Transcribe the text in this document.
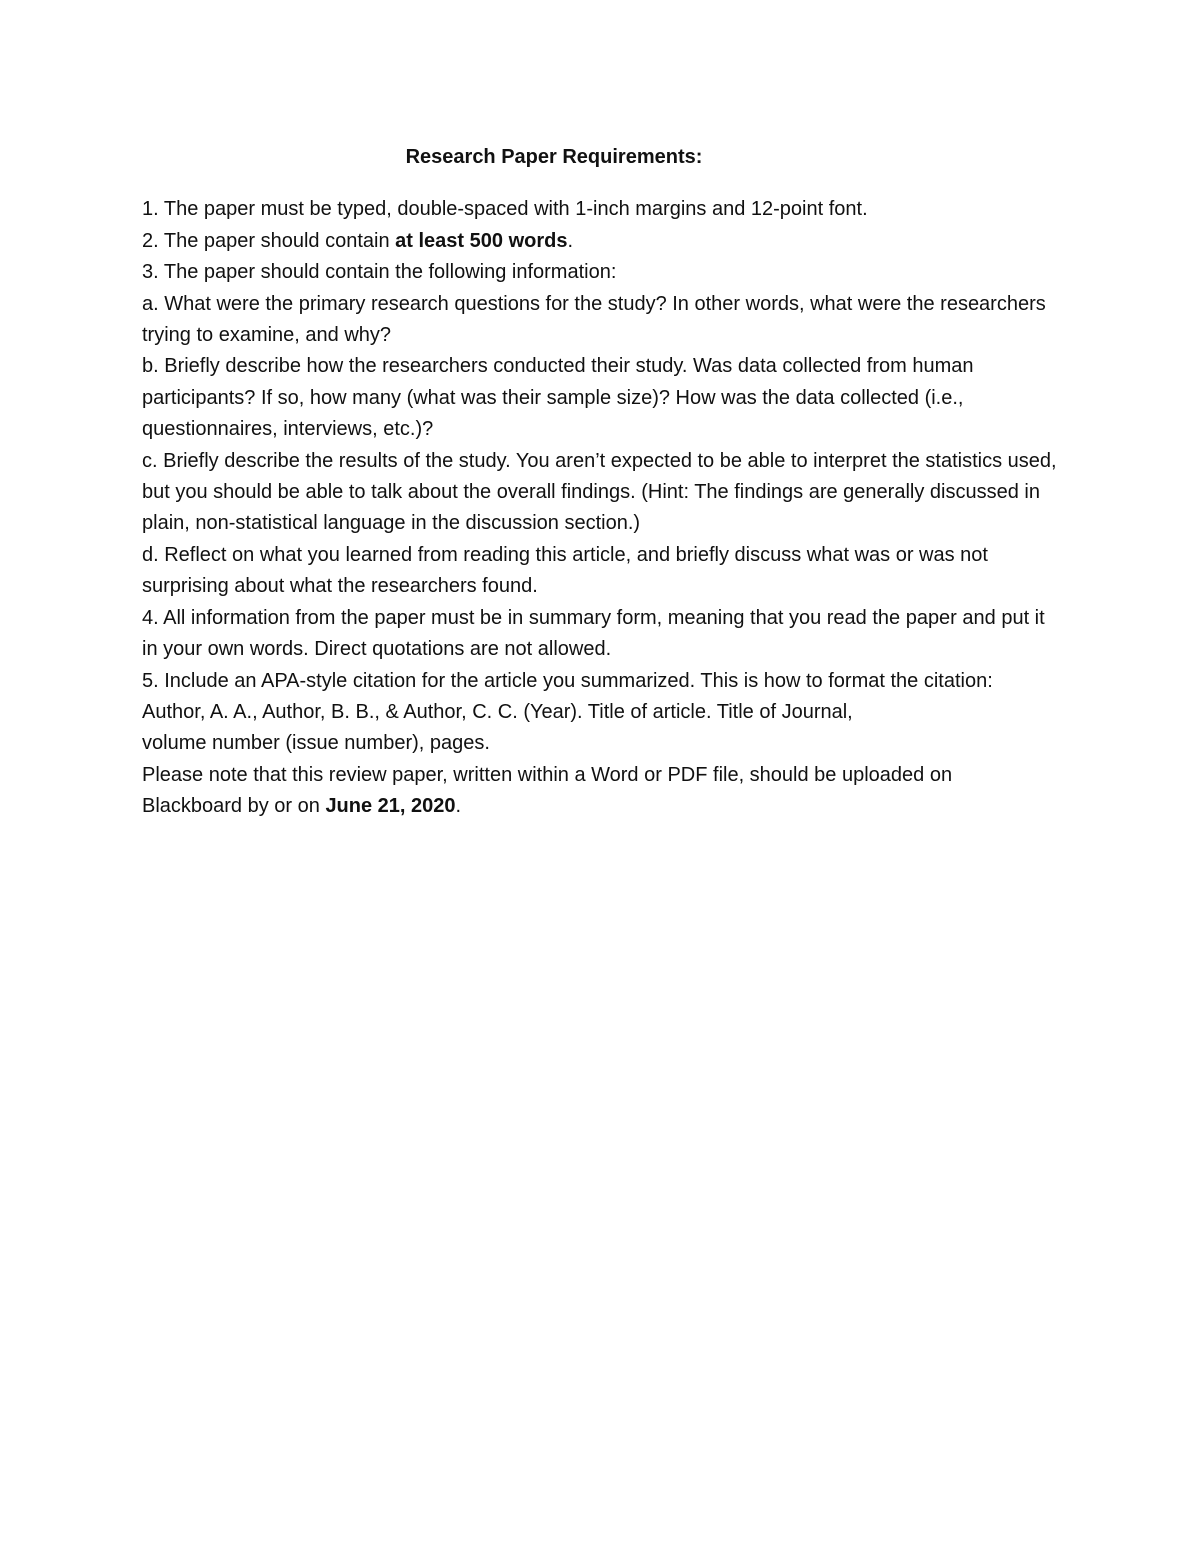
Research Paper Requirements:

1. The paper must be typed, double-spaced with 1-inch margins and 12-point font.

2. The paper should contain at least 500 words.

3. The paper should contain the following information:

a. What were the primary research questions for the study? In other words, what were the researchers trying to examine, and why?

b. Briefly describe how the researchers conducted their study. Was data collected from human participants? If so, how many (what was their sample size)? How was the data collected (i.e., questionnaires, interviews, etc.)?

c. Briefly describe the results of the study. You aren’t expected to be able to interpret the statistics used, but you should be able to talk about the overall findings. (Hint: The findings are generally discussed in plain, non-statistical language in the discussion section.)

d. Reflect on what you learned from reading this article, and briefly discuss what was or was not surprising about what the researchers found.

4. All information from the paper must be in summary form, meaning that you read the paper and put it in your own words. Direct quotations are not allowed.

5. Include an APA-style citation for the article you summarized. This is how to format the citation:

Author, A. A., Author, B. B., & Author, C. C. (Year). Title of article. Title of Journal,

volume number (issue number), pages.

Please note that this review paper, written within a Word or PDF file, should be uploaded on Blackboard by or on June 21, 2020.
